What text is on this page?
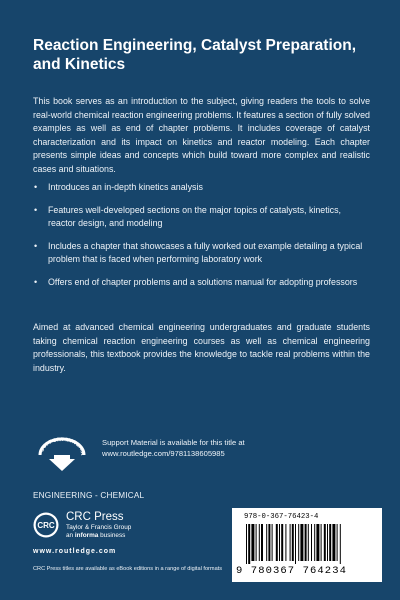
Reaction Engineering, Catalyst Preparation,
and Kinetics

This book serves as an introduction to the subject, giving readers the tools to solve real-world chemical reaction engineering problems. It features a section of fully solved examples as well as end of chapter problems. It includes coverage of catalyst characterization and its impact on kinetics and reactor modeling. Each chapter presents simple ideas and concepts which build toward more complex and realistic cases and situations.

• Introduces an in-depth kinetics analysis
• Features well-developed sections on the major topics of catalysts, kinetics, reactor design, and modeling
• Includes a chapter that showcases a fully worked out example detailing a typical problem that is faced when performing laboratory work
• Offers end of chapter problems and a solutions manual for adopting professors

Aimed at advanced chemical engineering undergraduates and graduate students taking chemical reaction engineering courses as well as chemical engineering professionals, this textbook provides the knowledge to tackle real problems within the industry.

SUPPORT MATERIA
Support Material is available for this title at
www.routledge.com/9781138605985
ENGINEERING - CHEMICAL
CRC
CRC Press
Taylor & Francis Group
an informa business
www.routledge.com
CRC Press titles are available as eBook editions in a range of digital formats
978-0-367-76423-4
9 780367 764234
